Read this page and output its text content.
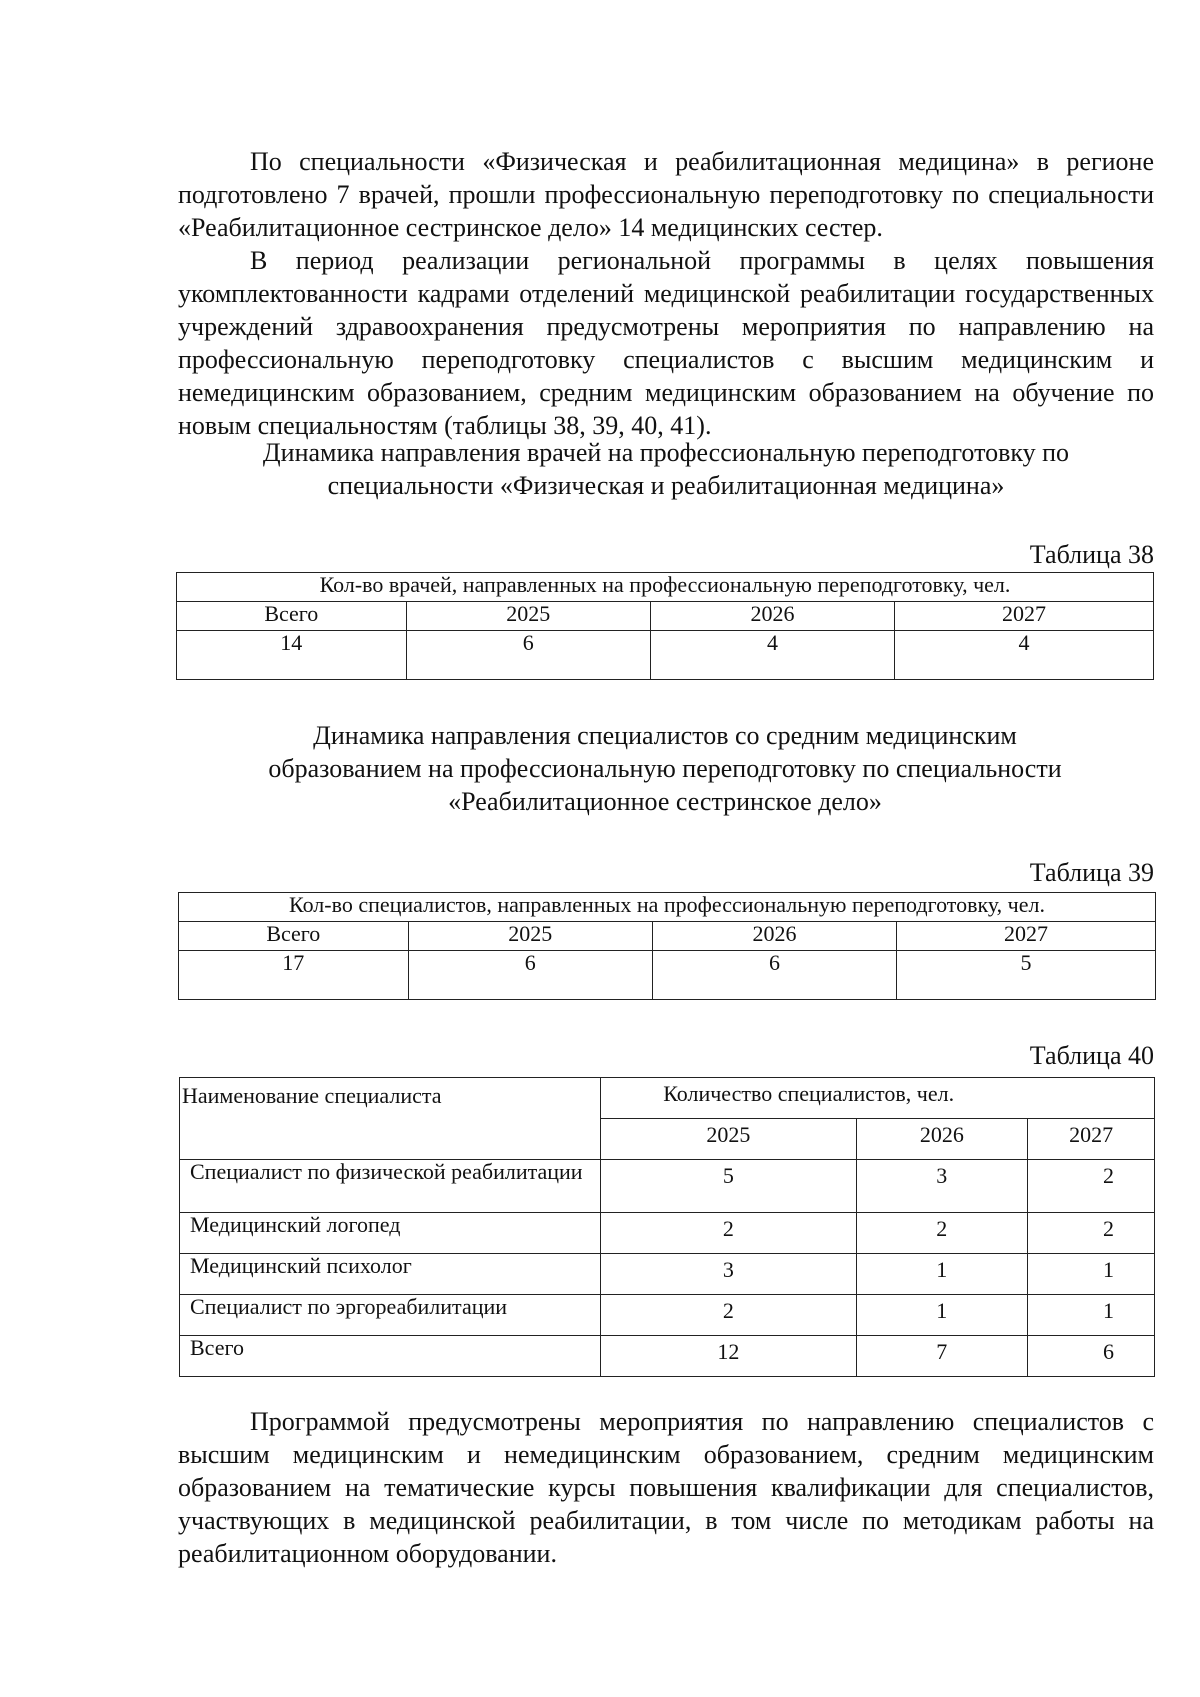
По специальности «Физическая и реабилитационная медицина» в регионе подготовлено 7 врачей, прошли профессиональную переподготовку по специальности «Реабилитационное сестринское дело» 14 медицинских сестер.

В период реализации региональной программы в целях повышения укомплектованности кадрами отделений медицинской реабилитации государственных учреждений здравоохранения предусмотрены мероприятия по направлению на профессиональную переподготовку специалистов с высшим медицинским и немедицинским образованием, средним медицинским образованием на обучение по новым специальностям (таблицы 38, 39, 40, 41).

Динамика направления врачей на профессиональную переподготовку по
специальности «Физическая и реабилитационная медицина»
Таблица 38
Кол-во врачей, направленных на профессиональную переподготовку, чел.			
Всего	2025	2026	2027
14	6	4	4
Динамика направления специалистов со средним медицинским
образованием на профессиональную переподготовку по специальности
«Реабилитационное сестринское дело»
Таблица 39
Кол-во специалистов, направленных на профессиональную переподготовку, чел.			
Всего	2025	2026	2027
17	6	6	5
Таблица 40
Наименование специалиста	Количество специалистов, чел.		
	2025	2026	2027
Специалист по физической реабилитации	5	3	2
Медицинский логопед	2	2	2
Медицинский психолог	3	1	1
Специалист по эргореабилитации	2	1	1
Всего	12	7	6

Программой предусмотрены мероприятия по направлению специалистов с высшим медицинским и немедицинским образованием, средним медицинским образованием на тематические курсы повышения квалификации для специалистов, участвующих в медицинской реабилитации, в том числе по методикам работы на реабилитационном оборудовании.
